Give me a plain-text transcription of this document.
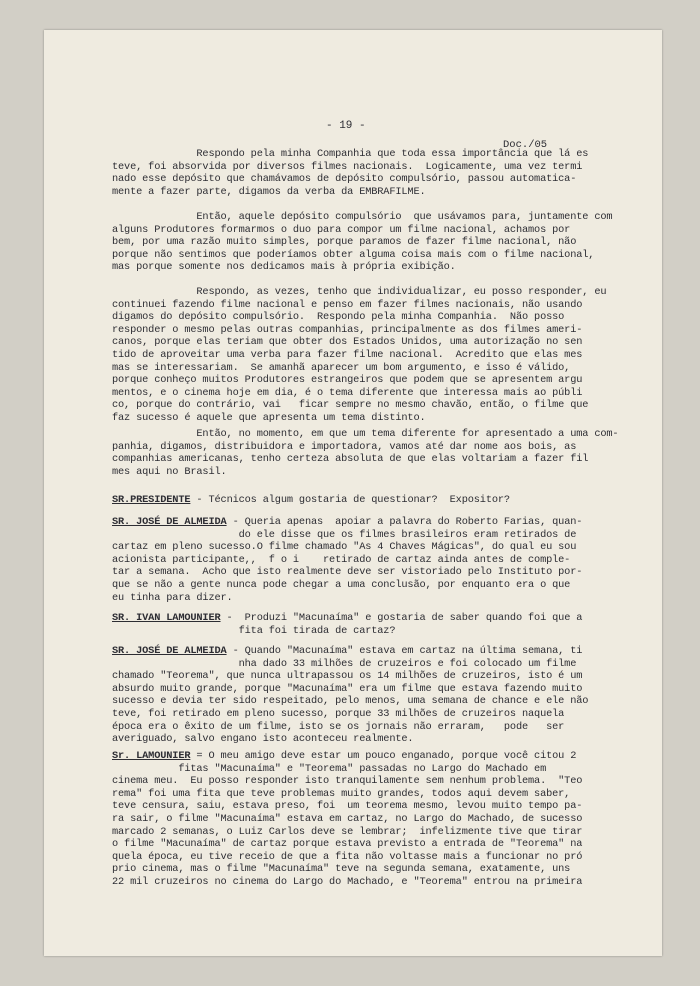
- 19 -
Doc./05
Respondo pela minha Companhia que toda essa importância que lá es
teve, foi absorvida por diversos filmes nacionais.  Logicamente, uma vez termi
nado esse depósito que chamávamos de depósito compulsório, passou automatica-
mente a fazer parte, digamos da verba da EMBRAFILME.
Então, aquele depósito compulsório  que usávamos para, juntamente com
alguns Produtores formarmos o duo para compor um filme nacional, achamos por
bem, por uma razão muito simples, porque paramos de fazer filme nacional, não
porque não sentimos que poderíamos obter alguma coisa mais com o filme nacional,
mas porque somente nos dedicamos mais à própria exibição.
Respondo, as vezes, tenho que individualizar, eu posso responder, eu
continuei fazendo filme nacional e penso em fazer filmes nacionais, não usando
digamos do depósito compulsório.  Respondo pela minha Companhia.  Não posso
responder o mesmo pelas outras companhias, principalmente as dos filmes ameri-
canos, porque elas teriam que obter dos Estados Unidos, uma autorização no sen
tido de aproveitar uma verba para fazer filme nacional.  Acredito que elas mes
mas se interessariam.  Se amanhã aparecer um bom argumento, e isso é válido,
porque conheço muitos Produtores estrangeiros que podem que se apresentem argu
mentos, e o cinema hoje em dia, é o tema diferente que interessa mais ao públi
co, porque do contrário, vai   ficar sempre no mesmo chavão, então, o filme que
faz sucesso é aquele que apresenta um tema distinto.
Então, no momento, em que um tema diferente for apresentado a uma com-
panhia, digamos, distribuidora e importadora, vamos até dar nome aos bois, as
companhias americanas, tenho certeza absoluta de que elas voltariam a fazer fil
mes aqui no Brasil.
SR.PRESIDENTE - Técnicos algum gostaria de questionar?  Expositor?
SR. JOSÉ DE ALMEIDA - Queria apenas  apoiar a palavra do Roberto Farias, quan-
do ele disse que os filmes brasileiros eram retirados de
cartaz em pleno sucesso.O filme chamado "As 4 Chaves Mágicas", do qual eu sou
acionista participante,,  f o i    retirado de cartaz ainda antes de comple-
tar a semana.  Acho que isto realmente deve ser vistoriado pelo Instituto por-
que se não a gente nunca pode chegar a uma conclusão, por enquanto era o que
eu tinha para dizer.
SR. IVAN LAMOUNIER -  Produzi "Macunaíma" e gostaria de saber quando foi que a
fita foi tirada de cartaz?
SR. JOSÉ DE ALMEIDA - Quando "Macunaíma" estava em cartaz na última semana, ti
nha dado 33 milhões de cruzeiros e foi colocado um filme
chamado "Teorema", que nunca ultrapassou os 14 milhões de cruzeiros, isto é um
absurdo muito grande, porque "Macunaíma" era um filme que estava fazendo muito
sucesso e devia ter sido respeitado, pelo menos, uma semana de chance e ele não
teve, foi retirado em pleno sucesso, porque 33 milhões de cruzeiros naquela
época era o êxito de um filme, isto se os jornais não erraram,   pode   ser
averiguado, salvo engano isto aconteceu realmente.
Sr. LAMOUNIER = O meu amigo deve estar um pouco enganado, porque você citou 2
fitas "Macunaíma" e "Teorema" passadas no Largo do Machado em
cinema meu.  Eu posso responder isto tranquilamente sem nenhum problema.  "Teo
rema" foi uma fita que teve problemas muito grandes, todos aqui devem saber,
teve censura, saiu, estava preso, foi  um teorema mesmo, levou muito tempo pa-
ra sair, o filme "Macunaíma" estava em cartaz, no Largo do Machado, de sucesso
marcado 2 semanas, o Luiz Carlos deve se lembrar;  infelizmente tive que tirar
o filme "Macunaíma" de cartaz porque estava previsto a entrada de "Teorema" na
quela época, eu tive receio de que a fita não voltasse mais a funcionar no pró
prio cinema, mas o filme "Macunaíma" teve na segunda semana, exatamente, uns
22 mil cruzeiros no cinema do Largo do Machado, e "Teorema" entrou na primeira
